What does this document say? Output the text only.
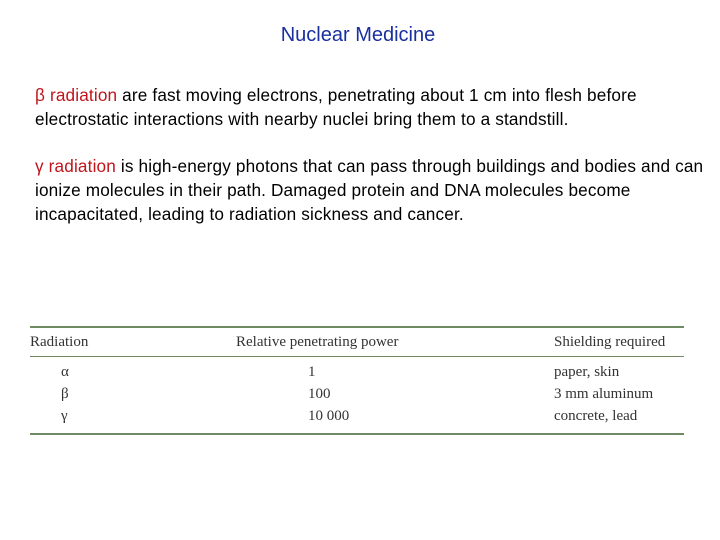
Nuclear Medicine
β radiation are fast moving electrons, penetrating about 1 cm into flesh before electrostatic interactions with nearby nuclei bring them to a standstill.
γ radiation is high-energy photons that can pass through buildings and bodies and can ionize molecules in their path. Damaged protein and DNA molecules become incapacitated, leading to radiation sickness and cancer.
Radiation	Relative penetrating power	Shielding required
α	1	paper, skin
β	100	3 mm aluminum
γ	10 000	concrete, lead
